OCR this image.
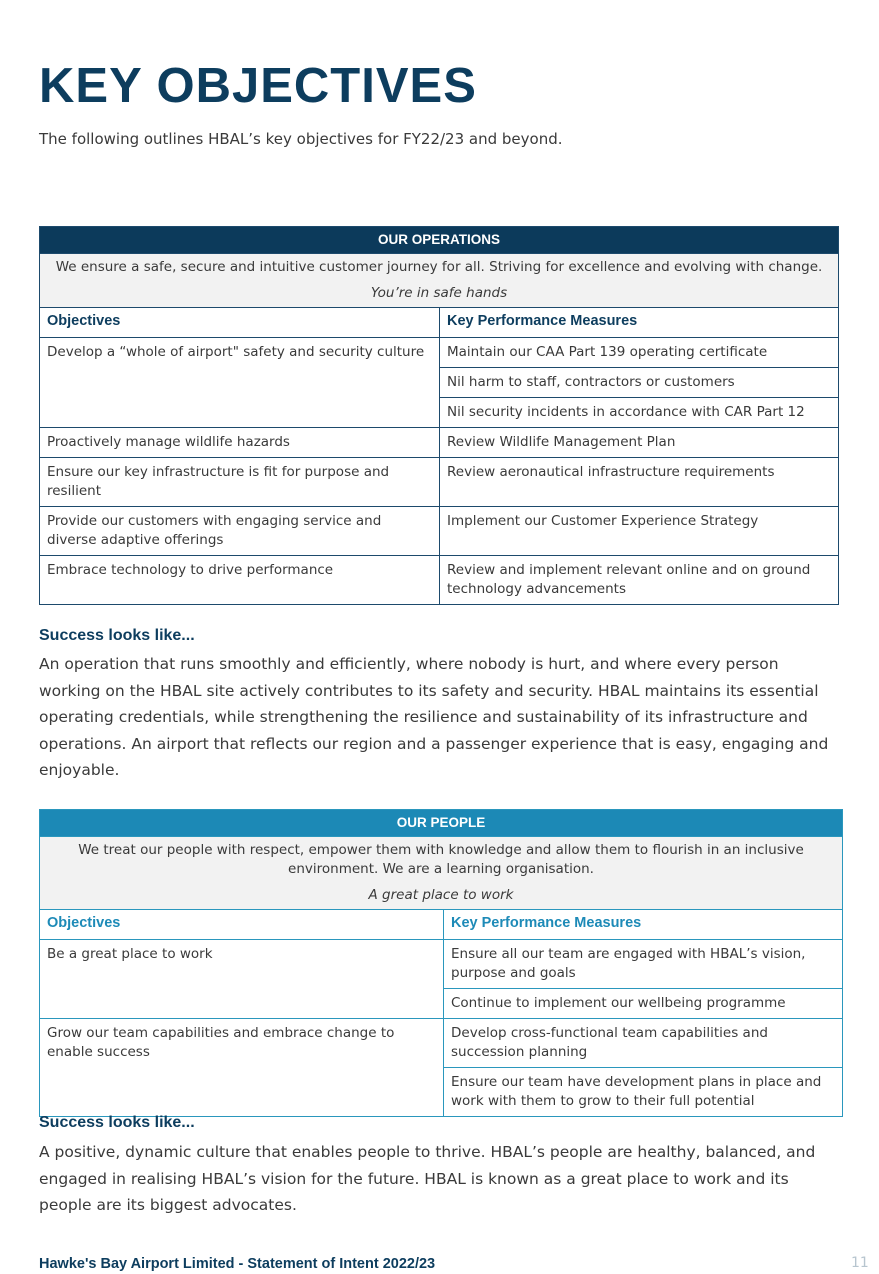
KEY OBJECTIVES

The following outlines HBAL’s key objectives for FY22/23 and beyond.

OUR OPERATIONS	

We ensure a safe, secure and intuitive customer journey for all. Striving for excellence and evolving with change.
You’re in safe hands	

Objectives	Key Performance Measures
Develop a “whole of airport" safety and security culture	Maintain our CAA Part 139 operating certificate
	Nil harm to staff, contractors or customers
	Nil security incidents in accordance with CAR Part 12
Proactively manage wildlife hazards	Review Wildlife Management Plan
Ensure our key infrastructure is fit for purpose and resilient	Review aeronautical infrastructure requirements
Provide our customers with engaging service and diverse adaptive offerings	Implement our Customer Experience Strategy
Embrace technology to drive performance	Review and implement relevant online and on ground technology advancements
Success looks like...

An operation that runs smoothly and efficiently, where nobody is hurt, and where every person working on the HBAL site actively contributes to its safety and security. HBAL maintains its essential operating credentials, while strengthening the resilience and sustainability of its infrastructure and operations. An airport that reflects our region and a passenger experience that is easy, engaging and enjoyable.

OUR PEOPLE	

We treat our people with respect, empower them with knowledge and allow them to flourish in an inclusive environment. We are a learning organisation.
A great place to work	

Objectives	Key Performance Measures
Be a great place to work	Ensure all our team are engaged with HBAL’s vision, purpose and goals
	Continue to implement our wellbeing programme
Grow our team capabilities and embrace change to enable success	Develop cross-functional team capabilities and succession planning
	Ensure our team have development plans in place and work with them to grow to their full potential
Success looks like...

A positive, dynamic culture that enables people to thrive. HBAL’s people are healthy, balanced, and engaged in realising HBAL’s vision for the future. HBAL is known as a great place to work and its people are its biggest advocates.

Hawke's Bay Airport Limited - Statement of Intent 2022/23	11
